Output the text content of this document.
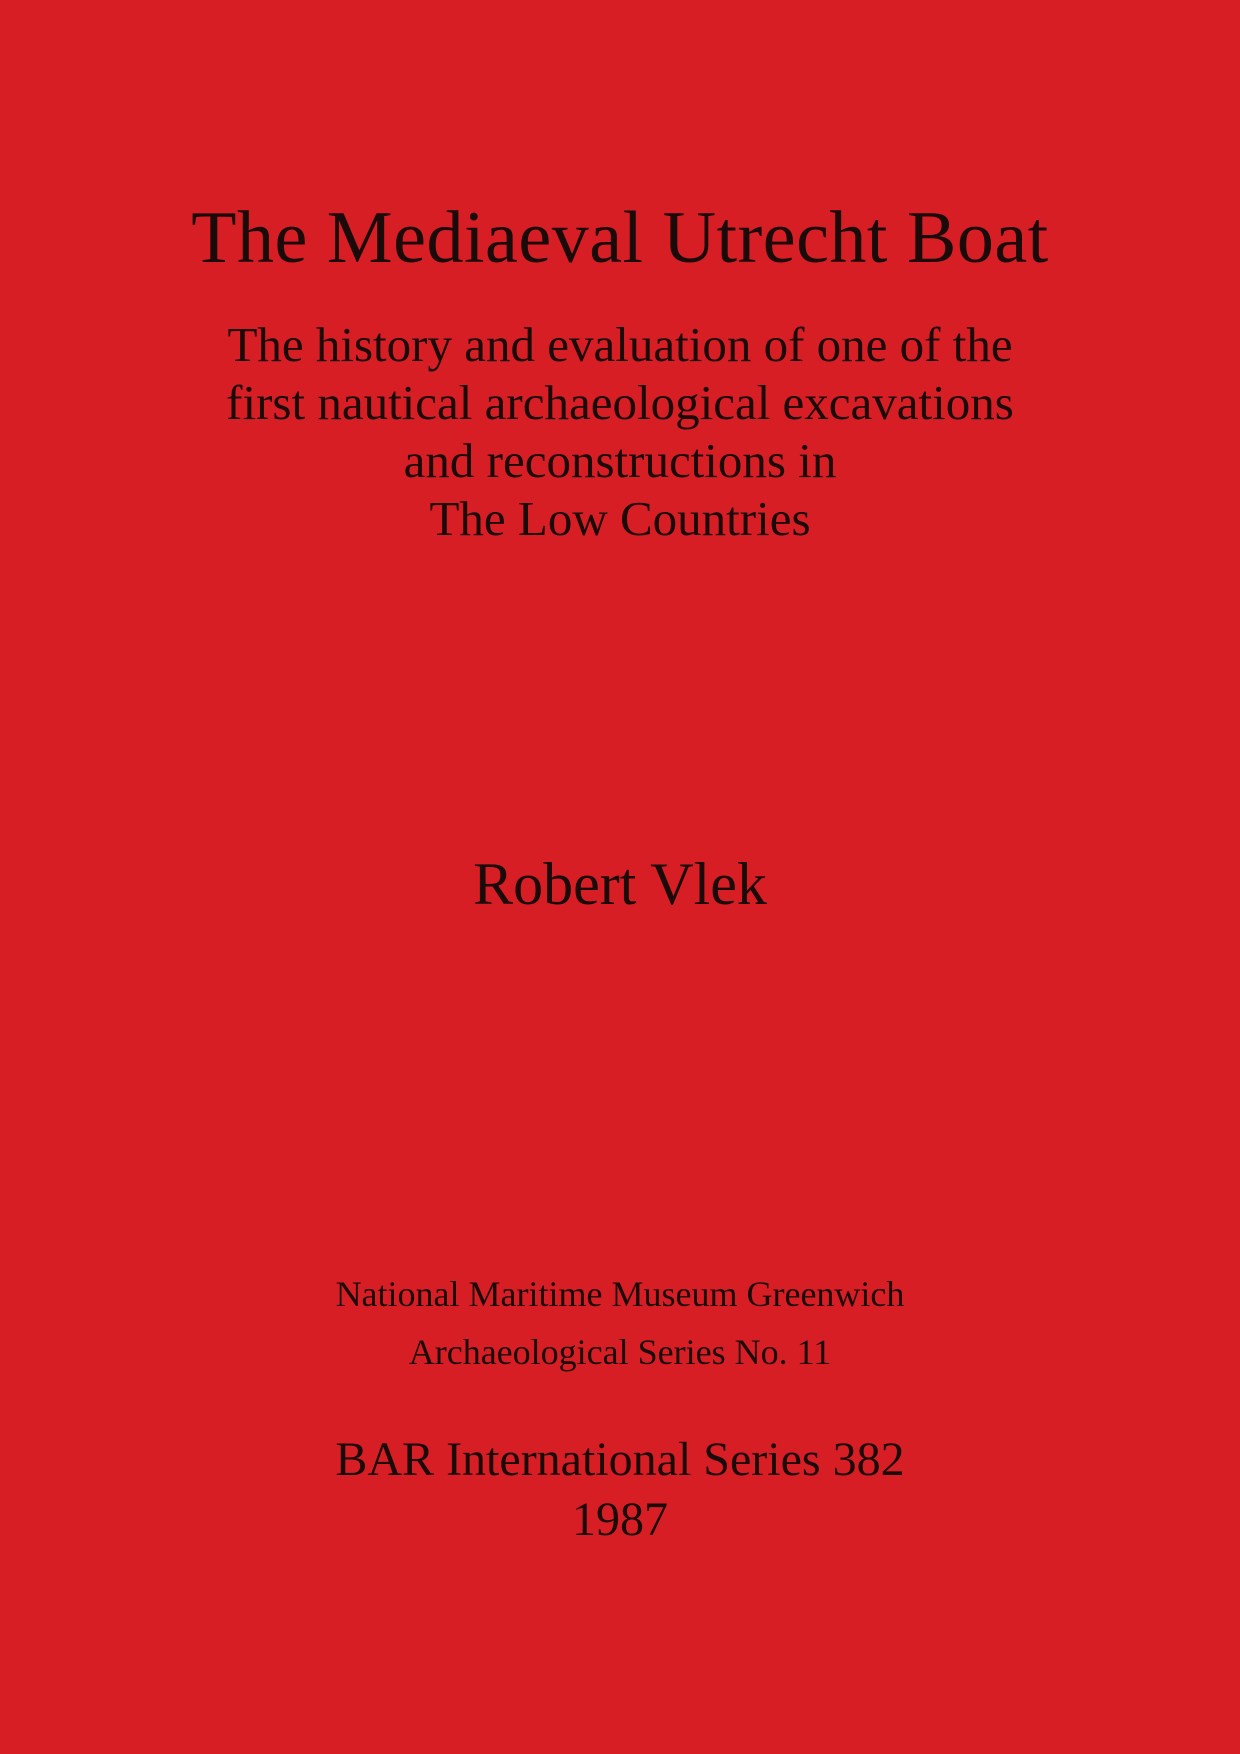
The Mediaeval Utrecht Boat
The history and evaluation of one of the
first nautical archaeological excavations
and reconstructions in
The Low Countries
Robert Vlek
National Maritime Museum Greenwich
Archaeological Series No. 11
BAR International Series 382
1987
